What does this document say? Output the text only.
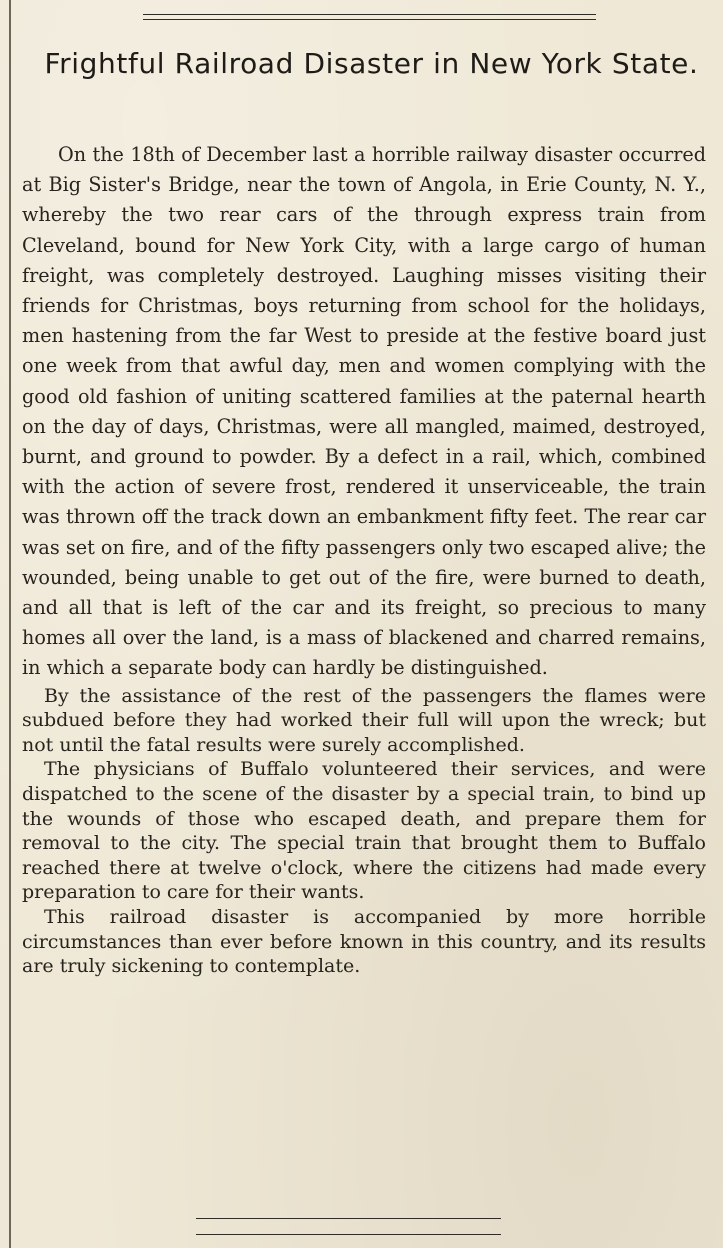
Frightful Railroad Disaster in New York State.

On the 18th of December last a horrible railway disaster occurred at Big Sister's Bridge, near the town of Angola, in Erie County, N. Y., whereby the two rear cars of the through express train from Cleveland, bound for New York City, with a large cargo of human freight, was completely destroyed. Laughing misses visiting their friends for Christmas, boys returning from school for the holidays, men hastening from the far West to preside at the festive board just one week from that awful day, men and women complying with the good old fashion of uniting scattered families at the paternal hearth on the day of days, Christmas, were all mangled, maimed, destroyed, burnt, and ground to powder. By a defect in a rail, which, combined with the action of severe frost, rendered it unserviceable, the train was thrown off the track down an embankment fifty feet. The rear car was set on fire, and of the fifty passengers only two escaped alive; the wounded, being unable to get out of the fire, were burned to death, and all that is left of the car and its freight, so precious to many homes all over the land, is a mass of blackened and charred remains, in which a separate body can hardly be distinguished.

By the assistance of the rest of the passengers the flames were subdued before they had worked their full will upon the wreck; but not until the fatal results were surely accomplished.

The physicians of Buffalo volunteered their services, and were dispatched to the scene of the disaster by a special train, to bind up the wounds of those who escaped death, and prepare them for removal to the city. The special train that brought them to Buffalo reached there at twelve o'clock, where the citizens had made every preparation to care for their wants.

This railroad disaster is accompanied by more horrible circumstances than ever before known in this country, and its results are truly sickening to contemplate.
